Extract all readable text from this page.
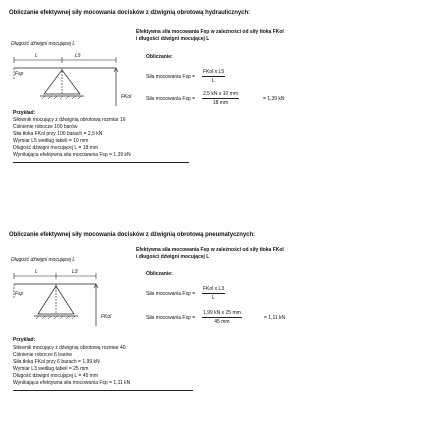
Obliczanie efektywnej siły mocowania docisków z dźwignią obrotową hydraulicznych:
Długość dźwigni mocującej L
L	L5
Fsp
FKol
Efektywna siła mocowania Fsp w zależności od siły tłoka FKol
i długości dźwigni mocującej L
Obliczanie:
Siła mocowania Fsp =
FKol x L5
L
Siła mocowania Fsp = $\frac{\text{2,5 kN x 10 mm}}{18 mm}$	= 1,39 kN
Przykład:
Siłownik mocujący z dźwignią obrotową rozmiar 16
Ciśnienie robocze 100 barów
Siła tłoka FKol przy 100 barach = 2,5 kN
Wymiar L5 według tabeli = 10 mm
Długość dźwigni mocującej L = 18 mm
Wynikająca efektywna siła mocowania Fsp = 1,39 kN
Obliczanie efektywnej siły mocowania docisków z dźwignią obrotową pneumatycznych:
Długość dźwigni mocującej L
L	L3
Fsp
FKol
Efektywna siła mocowania Fsp w zależności od siły tłoka FKol
i długości dźwigni mocującej L
Obliczanie:
Siła mocowania Fsp =
FKol x L3
L
Siła mocowania Fsp = $\frac{\text{1,99 kN x 25 mm}}{45 mm}$	= 1,11 kN
Przykład:
Siłownik mocujący z dźwignią obrotową rozmiar 40
Ciśnienie robocze 6 barów
Siła tłoka FKol przy 6 barach = 1,99 kN
Wymiar L3 według tabeli = 25 mm
Długość dźwigni mocującej L = 45 mm
Wynikająca efektywna siła mocowania Fsp = 1,11 kN
